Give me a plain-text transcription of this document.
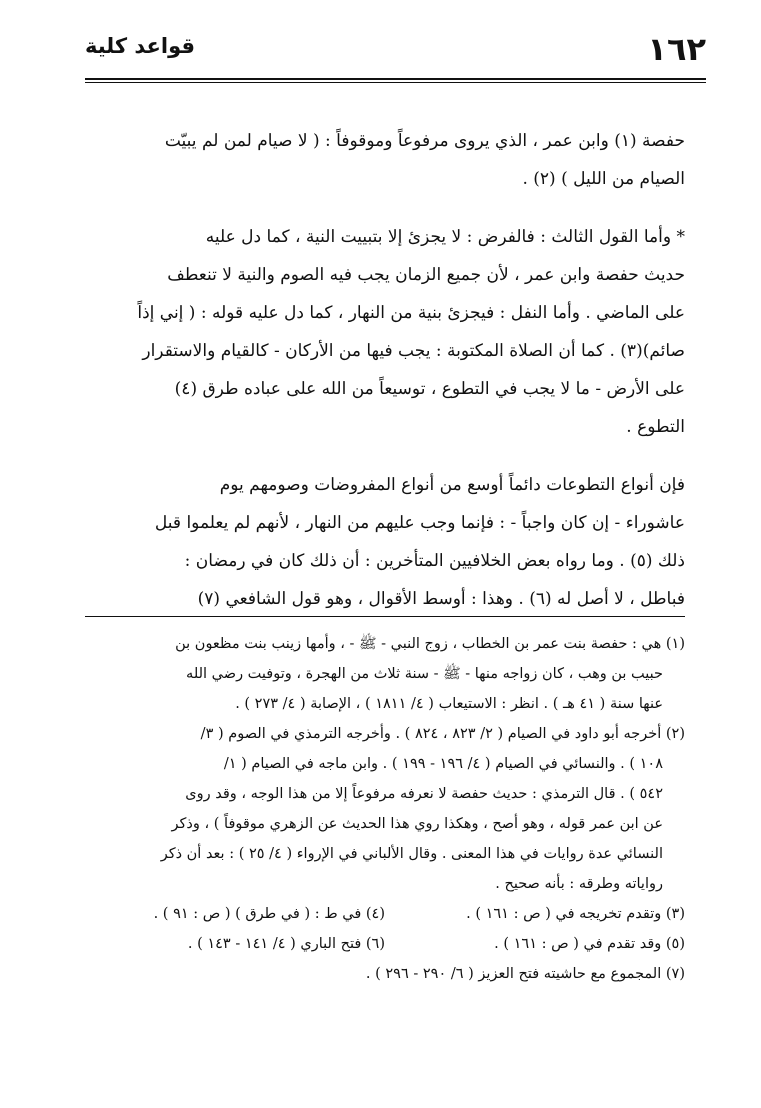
١٦٢
قواعد كلية

حفصة (١) وابن عمر ، الذي يروى مرفوعاً وموقوفاً : ( لا صيام لمن لم يبيّت
الصيام من الليل ) (٢) .

* وأما القول الثالث : فالفرض : لا يجزئ إلا بتبييت النية ، كما دل عليه
حديث حفصة وابن عمر ، لأن جميع الزمان يجب فيه الصوم والنية لا تنعطف
على الماضي . وأما النفل : فيجزئ بنية من النهار ، كما دل عليه قوله : ( إني إذاً
صائم)(٣) . كما أن الصلاة المكتوبة : يجب فيها من الأركان - كالقيام والاستقرار
على الأرض - ما لا يجب في التطوع ، توسيعاً من الله على عباده طرق (٤)
التطوع .

فإن أنواع التطوعات دائماً أوسع من أنواع المفروضات وصومهم يوم
عاشوراء - إن كان واجباً - : فإنما وجب عليهم من النهار ، لأنهم لم يعلموا قبل
ذلك (٥) . وما رواه بعض الخلافيين المتأخرين : أن ذلك كان في رمضان :
فباطل ، لا أصل له (٦) . وهذا : أوسط الأقوال ، وهو قول الشافعي (٧)

(١) هي : حفصة بنت عمر بن الخطاب ، زوج النبي - ﷺ - ، وأمها زينب بنت مظعون بن
حبيب بن وهب ، كان زواجه منها - ﷺ - سنة ثلاث من الهجرة ، وتوفيت رضي الله
عنها سنة ( ٤١ هـ ) . انظر : الاستيعاب ( ٤/ ١٨١١ ) ، الإصابة ( ٤/ ٢٧٣ ) .
(٢) أخرجه أبو داود في الصيام ( ٢/ ٨٢٣ ، ٨٢٤ ) . وأخرجه الترمذي في الصوم ( ٣/
١٠٨ ) . والنسائي في الصيام ( ٤/ ١٩٦ - ١٩٩ ) . وابن ماجه في الصيام ( ١/
٥٤٢ ) . قال الترمذي : حديث حفصة لا نعرفه مرفوعاً إلا من هذا الوجه ، وقد روى
عن ابن عمر قوله ، وهو أصح ، وهكذا روي هذا الحديث عن الزهري موقوفاً ) ، وذكر
النسائي عدة روايات في هذا المعنى . وقال الألباني في الإرواء ( ٤/ ٢٥ ) : بعد أن ذكر
رواياته وطرقه : بأنه صحيح .
(٣) وتقدم تخريجه في ( ص : ١٦١ ) .
(٤) في ط : ( في طرق ) ( ص : ٩١ ) .
(٥) وقد تقدم في ( ص : ١٦١ ) .
(٦) فتح الباري ( ٤/ ١٤١ - ١٤٣ ) .
(٧) المجموع مع حاشيته فتح العزيز ( ٦/ ٢٩٠ - ٢٩٦ ) .
